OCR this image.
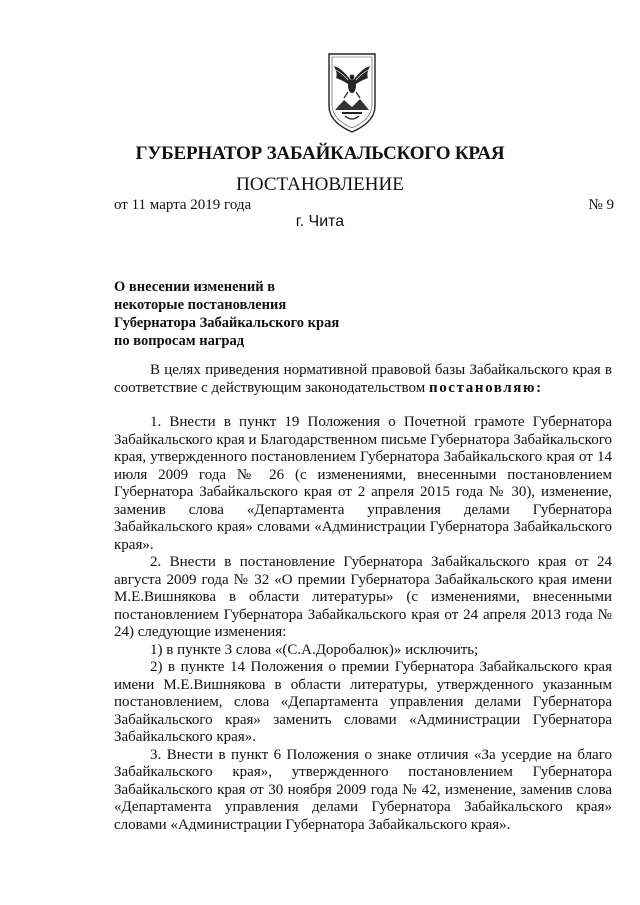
ГУБЕРНАТОР ЗАБАЙКАЛЬСКОГО КРАЯ
ПОСТАНОВЛЕНИЕ
от 11 марта 2019 года	№ 9
г. Чита
О внесении изменений в
некоторые постановления
Губернатора Забайкальского края
по вопросам наград

В целях приведения нормативной правовой базы Забайкальского края в соответствие с действующим законодательством постановляю:

1. Внести в пункт 19 Положения о Почетной грамоте Губернатора Забайкальского края и Благодарственном письме Губернатора Забайкальского края, утвержденного постановлением Губернатора Забайкальского края от 14 июля 2009 года № 26 (с изменениями, внесенными постановлением Губернатора Забайкальского края от 2 апреля 2015 года № 30), изменение, заменив слова «Департамента управления делами Губернатора Забайкальского края» словами «Администрации Губернатора Забайкальского края».

2. Внести в постановление Губернатора Забайкальского края от 24 августа 2009 года № 32 «О премии Губернатора Забайкальского края имени М.Е.Вишнякова в области литературы» (с изменениями, внесенными постановлением Губернатора Забайкальского края от 24 апреля 2013 года № 24) следующие изменения:

1) в пункте 3 слова «(С.А.Доробалюк)» исключить;

2) в пункте 14 Положения о премии Губернатора Забайкальского края имени М.Е.Вишнякова в области литературы, утвержденного указанным постановлением, слова «Департамента управления делами Губернатора Забайкальского края» заменить словами «Администрации Губернатора Забайкальского края».

3. Внести в пункт 6 Положения о знаке отличия «За усердие на благо Забайкальского края», утвержденного постановлением Губернатора Забайкальского края от 30 ноября 2009 года № 42, изменение, заменив слова «Департамента управления делами Губернатора Забайкальского края» словами «Администрации Губернатора Забайкальского края».
